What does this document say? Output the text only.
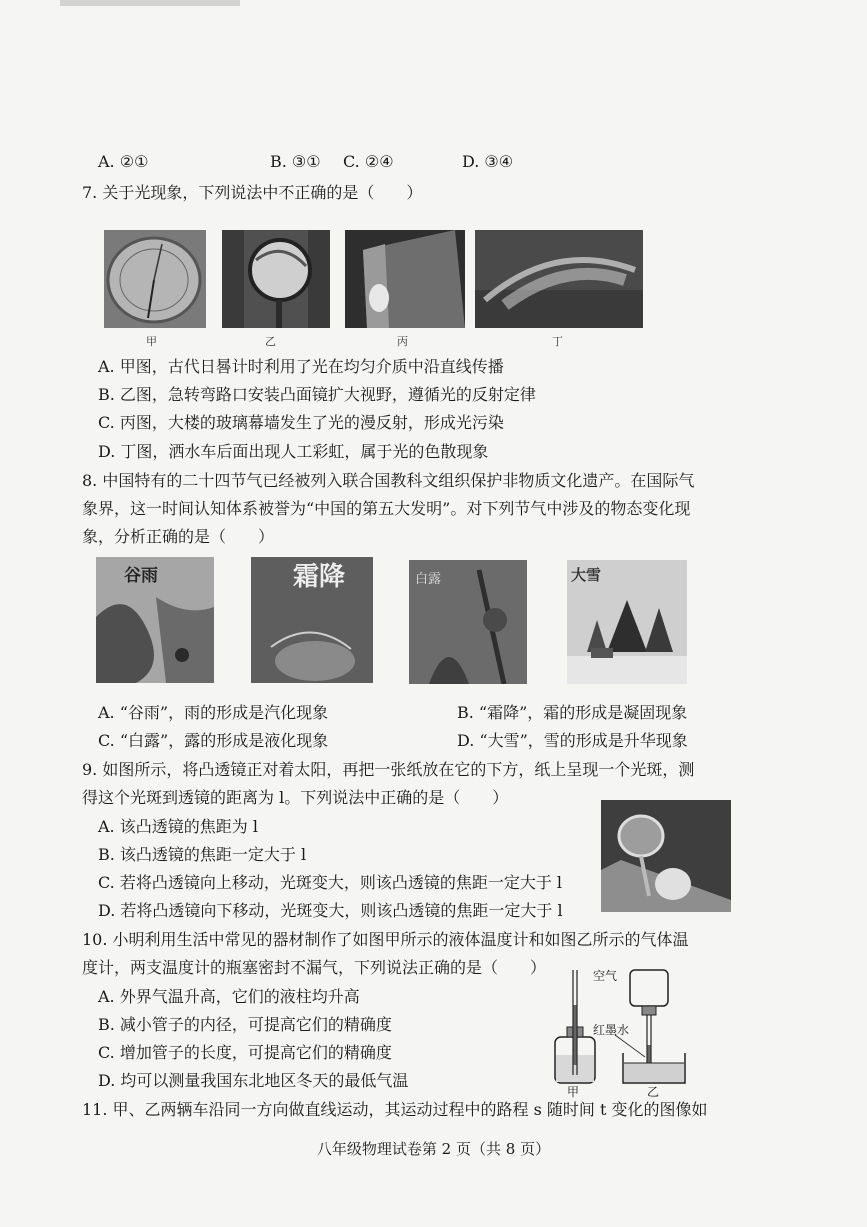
A. ②①	B. ③① C. ②④	D. ③④
7. 关于光现象，下列说法中不正确的是（　　）
甲	乙	丙	丁
A. 甲图，古代日晷计时利用了光在均匀介质中沿直线传播
B. 乙图，急转弯路口安装凸面镜扩大视野，遵循光的反射定律
C. 丙图，大楼的玻璃幕墙发生了光的漫反射，形成光污染
D. 丁图，洒水车后面出现人工彩虹，属于光的色散现象
8. 中国特有的二十四节气已经被列入联合国教科文组织保护非物质文化遗产。在国际气
象界，这一时间认知体系被誉为“中国的第五大发明”。对下列节气中涉及的物态变化现
象，分析正确的是（　　）
谷雨	霜降	白露	大雪
A. “谷雨”，雨的形成是汽化现象	B. “霜降”，霜的形成是凝固现象
C. “白露”，露的形成是液化现象	D. “大雪”，雪的形成是升华现象
9. 如图所示，将凸透镜正对着太阳，再把一张纸放在它的下方，纸上呈现一个光斑，测
得这个光斑到透镜的距离为 l。下列说法中正确的是（　　）
A. 该凸透镜的焦距为 l
B. 该凸透镜的焦距一定大于 l
C. 若将凸透镜向上移动，光斑变大，则该凸透镜的焦距一定大于 l
D. 若将凸透镜向下移动，光斑变大，则该凸透镜的焦距一定大于 l
10. 小明利用生活中常见的器材制作了如图甲所示的液体温度计和如图乙所示的气体温
度计，两支温度计的瓶塞密封不漏气，下列说法正确的是（　　）
A. 外界气温升高，它们的液柱均升高
B. 减小管子的内径，可提高它们的精确度
C. 增加管子的长度，可提高它们的精确度
D. 均可以测量我国东北地区冬天的最低气温
空气
红墨水
甲	乙
11. 甲、乙两辆车沿同一方向做直线运动，其运动过程中的路程 s 随时间 t 变化的图像如
八年级物理试卷第 2 页（共 8 页）
